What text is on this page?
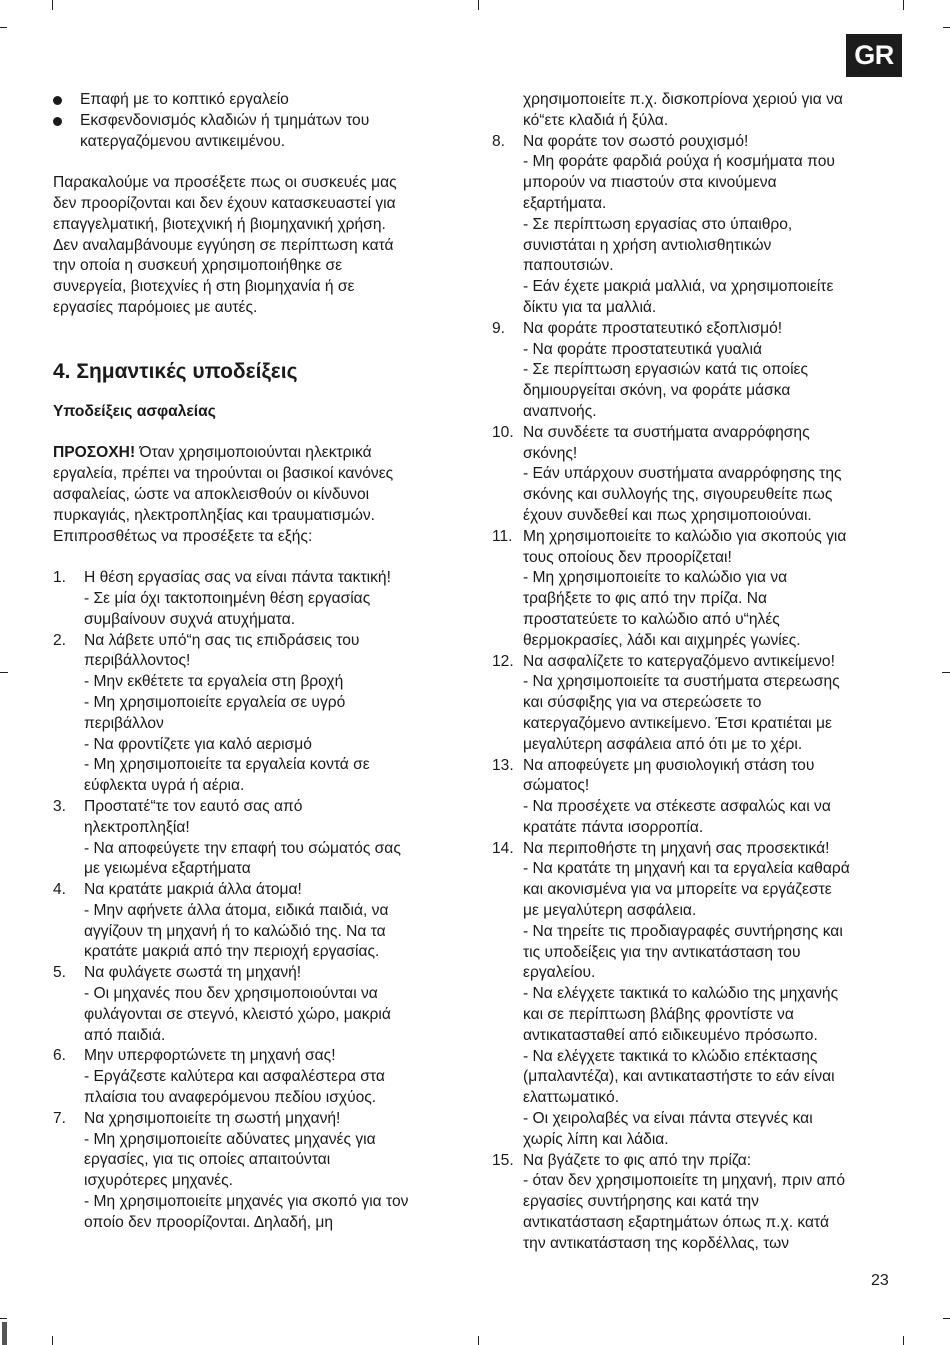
GR

Επαφή με το κοπτικό εργαλείο

Εκσφενδονισμός κλαδιών ή τμημάτων του κατεργαζόμενου αντικειμένου.

Παρακαλούμε να προσέξετε πως οι συσκευές μας

δεν προορίζονται και δεν έχουν κατασκευαστεί για

επαγγελματική, βιοτεχνική ή βιομηχανική χρήση.

Δεν αναλαμβάνουμε εγγύηση σε περίπτωση κατά

την οποία η συσκευή χρησιμοποιήθηκε σε

συνεργεία, βιοτεχνίες ή στη βιομηχανία ή σε

εργασίες παρόμοιες με αυτές.

4. Σημαντικές υποδείξεις

Υποδείξεις ασφαλείας

ΠΡΟΣΟΧΗ! Όταν χρησιμοποιούνται ηλεκτρικά

εργαλεία, πρέπει να τηρούνται οι βασικοί κανόνες

ασφαλείας, ώστε να αποκλεισθούν οι κίνδυνοι

πυρκαγιάς, ηλεκτροπληξίας και τραυματισμών.

Επιπροσθέτως να προσέξετε τα εξής:

1.	Η θέση εργασίας σας να είναι πάντα τακτική!

- Σε μία όχι τακτοποιημένη θέση εργασίας

συμβαίνουν συχνά ατυχήματα.

2.	Να λάβετε υπό“η σας τις επιδράσεις του

περιβάλλοντος!

- Μην εκθέτετε τα εργαλεία στη βροχή

- Μη χρησιμοποιείτε εργαλεία σε υγρό

περιβάλλον

- Να φροντίζετε για καλό αερισμό

- Μη χρησιμοποιείτε τα εργαλεία κοντά σε

εύφλεκτα υγρά ή αέρια.

3.	Προστατέ“τε τον εαυτό σας από

ηλεκτροπληξία!

- Να αποφεύγετε την επαφή του σώματός σας

με γειωμένα εξαρτήματα

4.	Να κρατάτε μακριά άλλα άτομα!

- Μην αφήνετε άλλα άτομα, ειδικά παιδιά, να

αγγίζουν τη μηχανή ή το καλώδιό της. Να τα

κρατάτε μακριά από την περιοχή εργασίας.

5.	Να φυλάγετε σωστά τη μηχανή!

- Οι μηχανές που δεν χρησιμοποιούνται να

φυλάγονται σε στεγνό, κλειστό χώρο, μακριά

από παιδιά.

6.	Μην υπερφορτώνετε τη μηχανή σας!

- Εργάζεστε καλύτερα και ασφαλέστερα στα

πλαίσια του αναφερόμενου πεδίου ισχύος.

7.	Να χρησιμοποιείτε τη σωστή μηχανή!

- Μη χρησιμοποιείτε αδύνατες μηχανές για

εργασίες, για τις οποίες απαιτούνται

ισχυρότερες μηχανές.

- Μη χρησιμοποιείτε μηχανές για σκοπό για τον

οποίο δεν προορίζονται. Δηλαδή, μη

χρησιμοποιείτε π.χ. δισκοπρίονα χεριού για να

κό“ετε κλαδιά ή ξύλα.

8.	Να φοράτε τον σωστό ρουχισμό!

- Μη φοράτε φαρδιά ρούχα ή κοσμήματα που

μπορούν να πιαστούν στα κινούμενα

εξαρτήματα.

- Σε περίπτωση εργασίας στο ύπαιθρο,

συνιστάται η χρήση αντιολισθητικών

παπουτσιών.

- Εάν έχετε μακριά μαλλιά, να χρησιμοποιείτε

δίκτυ για τα μαλλιά.

9.	Να φοράτε προστατευτικό εξοπλισμό!

- Να φοράτε προστατευτικά γυαλιά

- Σε περίπτωση εργασιών κατά τις οποίες

δημιουργείται σκόνη, να φοράτε μάσκα

αναπνοής.

10. Να συνδέετε τα συστήματα αναρρόφησης

σκόνης!

- Εάν υπάρχουν συστήματα αναρρόφησης της

σκόνης και συλλογής της, σιγουρευθείτε πως

έχουν συνδεθεί και πως χρησιμοποιούναι.

11. Μη χρησιμοποιείτε το καλώδιο για σκοπούς για

τους οποίους δεν προορίζεται!

- Μη χρησιμοποιείτε το καλώδιο για να

τραβήξετε το φις από την πρίζα. Να

προστατεύετε το καλώδιο από υ“ηλές

θερμοκρασίες, λάδι και αιχμηρές γωνίες.

12. Να ασφαλίζετε το κατεργαζόμενο αντικείμενο!

- Να χρησιμοποιείτε τα συστήματα στερεωσης

και σύσφιξης για να στερεώσετε το

κατεργαζόμενο αντικείμενο. Έτσι κρατιέται με

μεγαλύτερη ασφάλεια από ότι με το χέρι.

13. Να αποφεύγετε μη φυσιολογική στάση του

σώματος!

- Να προσέχετε να στέκεστε ασφαλώς και να

κρατάτε πάντα ισορροπία.

14. Να περιποθήστε τη μηχανή σας προσεκτικά!

- Να κρατάτε τη μηχανή και τα εργαλεία καθαρά

και ακονισμένα για να μπορείτε να εργάζεστε

με μεγαλύτερη ασφάλεια.

- Να τηρείτε τις προδιαγραφές συντήρησης και

τις υποδείξεις για την αντικατάσταση του

εργαλείου.

- Να ελέγχετε τακτικά το καλώδιο της μηχανής

και σε περίπτωση βλάβης φροντίστε να

αντικατασταθεί από ειδικευμένο πρόσωπο.

- Να ελέγχετε τακτικά το κλώδιο επέκτασης

(μπαλαντέζα), και αντικαταστήστε το εάν είναι

ελαττωματικό.

- Οι χειρολαβές να είναι πάντα στεγνές και

χωρίς λίπη και λάδια.

15. Να βγάζετε το φις από την πρίζα:

- όταν δεν χρησιμοποιείτε τη μηχανή, πριν από

εργασίες συντήρησης και κατά την

αντικατάσταση εξαρτημάτων όπως π.χ. κατά

την αντικατάσταση της κορδέλλας, των

23
